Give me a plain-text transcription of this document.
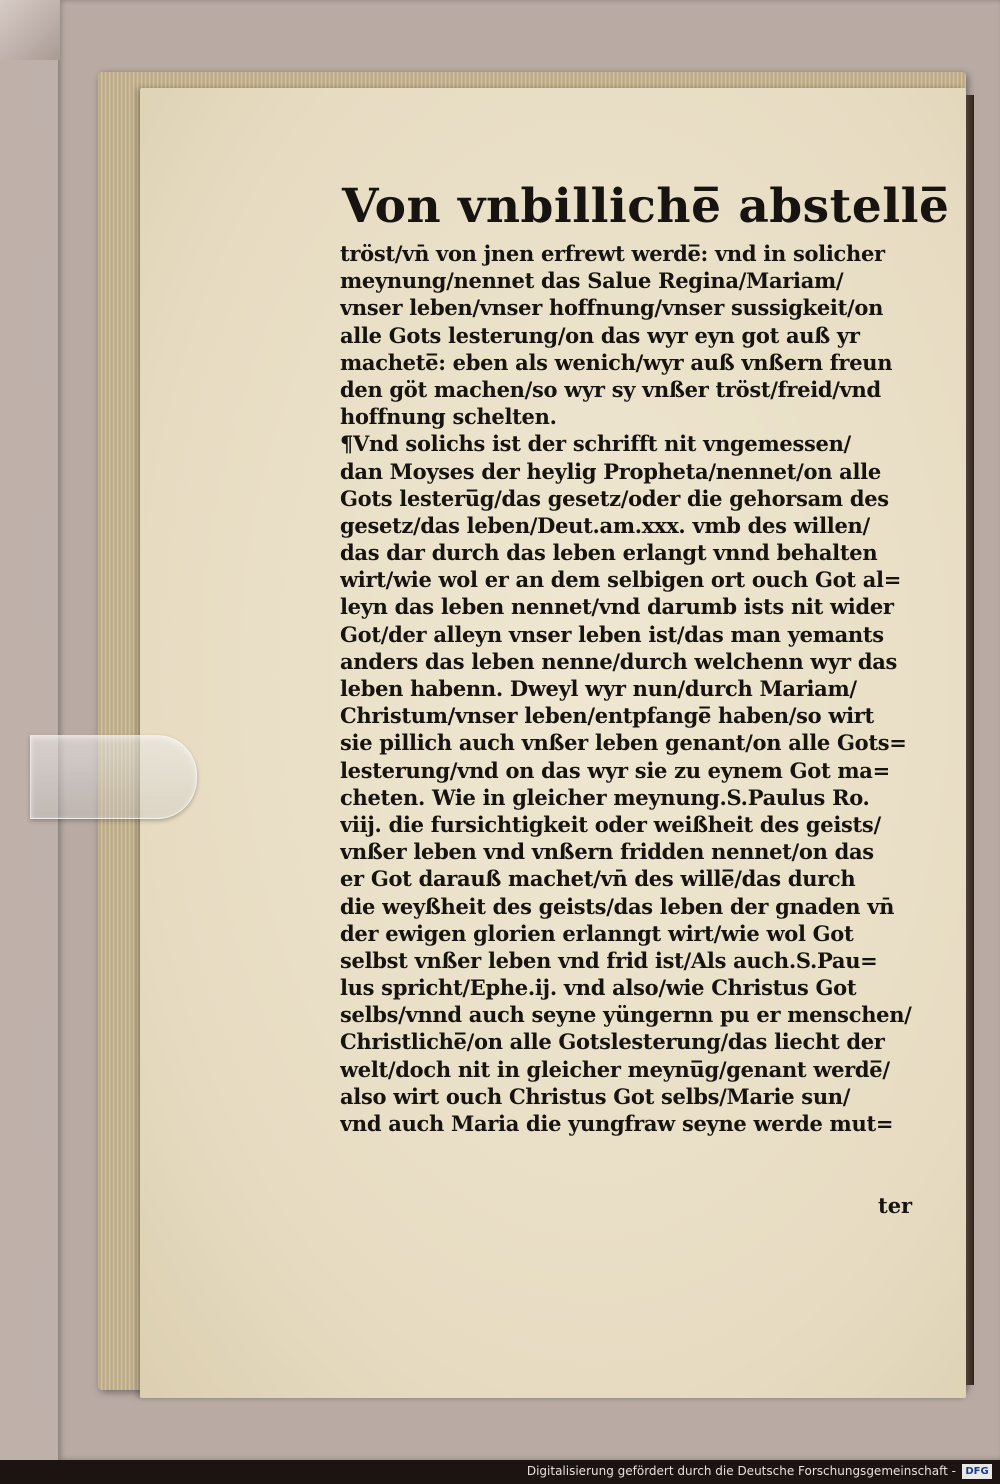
Von vnbilliche̅ abstelle̅
tröst/vn̄ von jnen erfrewt werde̅: vnd in solicher
meynung/nennet das Salue Regina/Mariam/
vnser leben/vnser hoffnung/vnser sussigkeit/on
alle Gots lesterung/on das wyr eyn got auß yr
machete̅: eben als wenich/wyr auß vnßern freun
den göt machen/so wyr sy vnßer tröst/freid/vnd
hoffnung schelten.
¶Vnd solichs ist der schrifft nit vngemessen/
dan Moyses der heylig Propheta/nennet/on alle
Gots lesteru̅g/das gesetz/oder die gehorsam des
gesetz/das leben/Deut.am.xxx. vmb des willen/
das dar durch das leben erlangt vnnd behalten
wirt/wie wol er an dem selbigen ort ouch Got al=
leyn das leben nennet/vnd darumb ists nit wider
Got/der alleyn vnser leben ist/das man yemants
anders das leben nenne/durch welchenn wyr das
leben habenn. Dweyl wyr nun/durch Mariam/
Christum/vnser leben/entpfange̅ haben/so wirt
sie pillich auch vnßer leben genant/on alle Gots=
lesterung/vnd on das wyr sie zu eynem Got ma=
cheten. Wie in gleicher meynung.S.Paulus Ro.
viij. die fursichtigkeit oder weißheit des geists/
vnßer leben vnd vnßern fridden nennet/on das
er Got darauß machet/vn̄ des wille̅/das durch
die weyßheit des geists/das leben der gnaden vn̄
der ewigen glorien erlanngt wirt/wie wol Got
selbst vnßer leben vnd frid ist/Als auch.S.Pau=
lus spricht/Ephe.ij. vnd also/wie Christus Got
selbs/vnnd auch seyne yüngernn pu er menschen/
Christliche̅/on alle Gotslesterung/das liecht der
welt/doch nit in gleicher meynu̅g/genant werde̅/
also wirt ouch Christus Got selbs/Marie sun/
vnd auch Maria die yungfraw seyne werde mut=
ter
Digitalisierung gefördert durch die Deutsche Forschungsgemeinschaft - DFG
